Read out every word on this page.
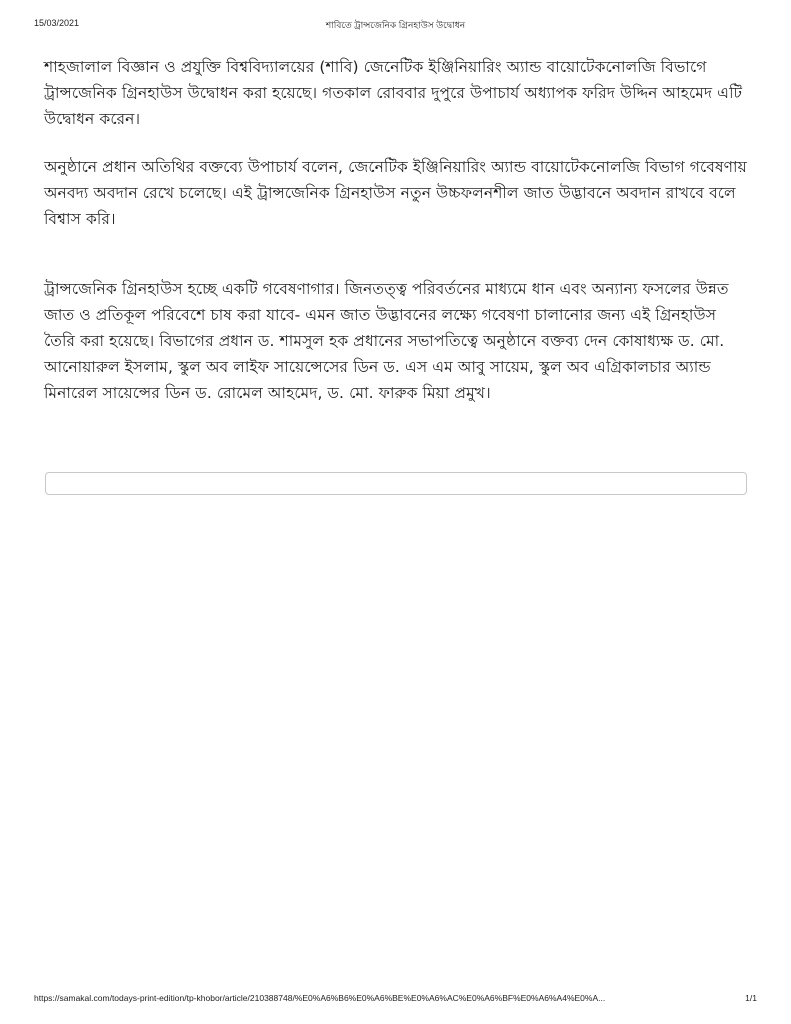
15/03/2021	শাবিতে ট্রান্সজেনিক গ্রিনহাউস উদ্বোধন

শাহজালাল বিজ্ঞান ও প্রযুক্তি বিশ্ববিদ্যালয়ের (শাবি) জেনেটিক ইঞ্জিনিয়ারিং অ্যান্ড বায়োটেকনোলজি বিভাগে ট্রান্সজেনিক গ্রিনহাউস উদ্বোধন করা হয়েছে। গতকাল রোববার দুপুরে উপাচার্য অধ্যাপক ফরিদ উদ্দিন আহমেদ এটি উদ্বোধন করেন।

অনুষ্ঠানে প্রধান অতিথির বক্তব্যে উপাচার্য বলেন, জেনেটিক ইঞ্জিনিয়ারিং অ্যান্ড বায়োটেকনোলজি বিভাগ গবেষণায় অনবদ্য অবদান রেখে চলেছে। এই ট্রান্সজেনিক গ্রিনহাউস নতুন উচ্চফলনশীল জাত উদ্ভাবনে অবদান রাখবে বলে বিশ্বাস করি।

ট্রান্সজেনিক গ্রিনহাউস হচ্ছে একটি গবেষণাগার। জিনতত্ত্ব পরিবর্তনের মাধ্যমে ধান এবং অন্যান্য ফসলের উন্নত জাত ও প্রতিকূল পরিবেশে চাষ করা যাবে- এমন জাত উদ্ভাবনের লক্ষ্যে গবেষণা চালানোর জন্য এই গ্রিনহাউস তৈরি করা হয়েছে। বিভাগের প্রধান ড. শামসুল হক প্রধানের সভাপতিত্বে অনুষ্ঠানে বক্তব্য দেন কোষাধ্যক্ষ ড. মো. আনোয়ারুল ইসলাম, স্কুল অব লাইফ সায়েন্সেসের ডিন ড. এস এম আবু সায়েম, স্কুল অব এগ্রিকালচার অ্যান্ড মিনারেল সায়েন্সের ডিন ড. রোমেল আহমেদ, ড. মো. ফারুক মিয়া প্রমুখ।

https://samakal.com/todays-print-edition/tp-khobor/article/210388748/%E0%A6%B6%E0%A6%BE%E0%A6%AC%E0%A6%BF%E0%A6%A4%E0%A...	1/1
